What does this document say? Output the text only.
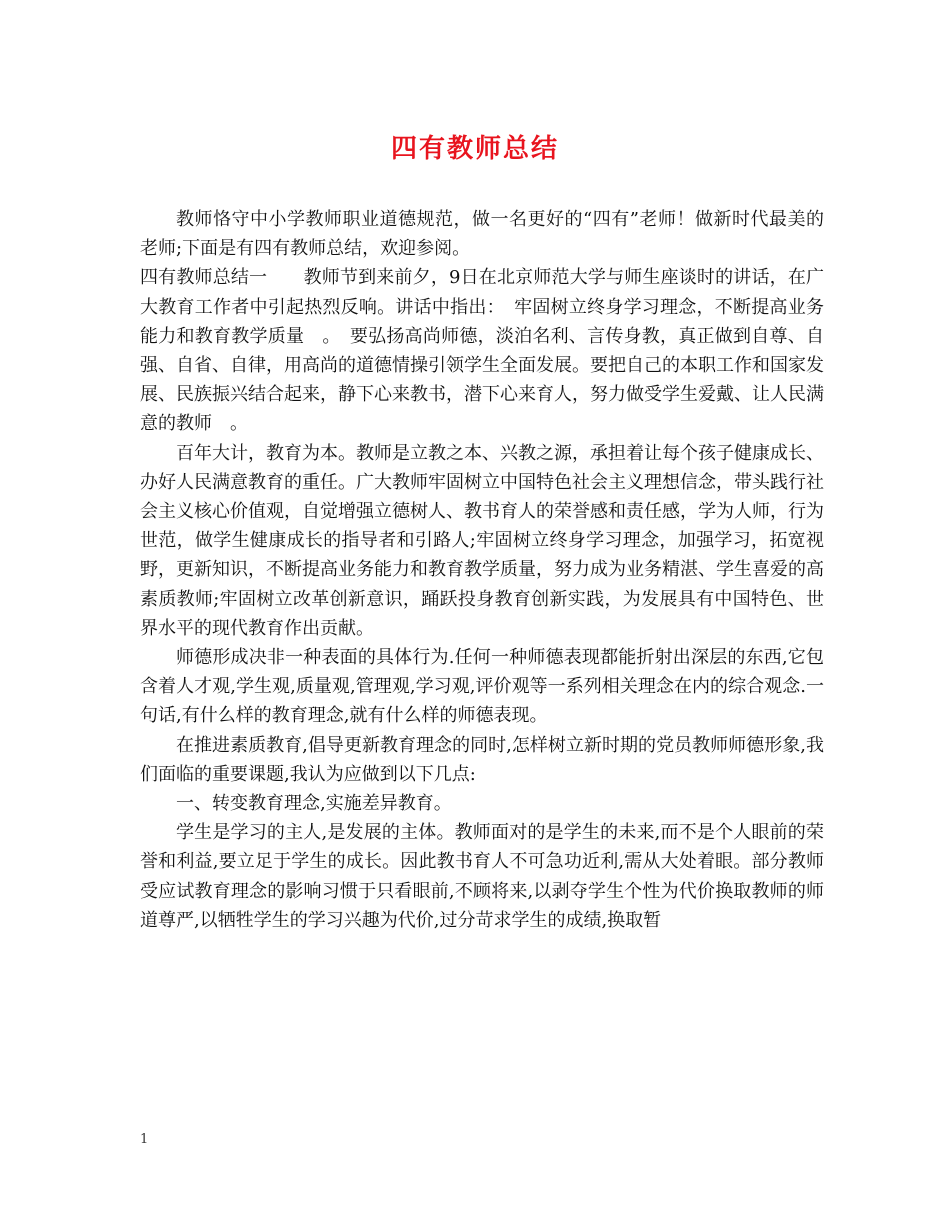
四有教师总结

教师恪守中小学教师职业道德规范，做一名更好的“四有”老师！做新时代最美的老师;下面是有四有教师总结，欢迎参阅。

四有教师总结一　　教师节到来前夕，9日在北京师范大学与师生座谈时的讲话，在广大教育工作者中引起热烈反响。讲话中指出：　牢固树立终身学习理念，不断提高业务能力和教育教学质量　。　要弘扬高尚师德，淡泊名利、言传身教，真正做到自尊、自强、自省、自律，用高尚的道德情操引领学生全面发展。要把自己的本职工作和国家发展、民族振兴结合起来，静下心来教书，潜下心来育人，努力做受学生爱戴、让人民满意的教师　。

百年大计，教育为本。教师是立教之本、兴教之源，承担着让每个孩子健康成长、办好人民满意教育的重任。广大教师牢固树立中国特色社会主义理想信念，带头践行社会主义核心价值观，自觉增强立德树人、教书育人的荣誉感和责任感，学为人师，行为世范，做学生健康成长的指导者和引路人;牢固树立终身学习理念，加强学习，拓宽视野，更新知识，不断提高业务能力和教育教学质量，努力成为业务精湛、学生喜爱的高素质教师;牢固树立改革创新意识，踊跃投身教育创新实践，为发展具有中国特色、世界水平的现代教育作出贡献。

师德形成决非一种表面的具体行为.任何一种师德表现都能折射出深层的东西,它包含着人才观,学生观,质量观,管理观,学习观,评价观等一系列相关理念在内的综合观念.一句话,有什么样的教育理念,就有什么样的师德表现。

在推进素质教育,倡导更新教育理念的同时,怎样树立新时期的党员教师师德形象,我们面临的重要课题,我认为应做到以下几点:

一、转变教育理念,实施差异教育。

学生是学习的主人,是发展的主体。教师面对的是学生的未来,而不是个人眼前的荣誉和利益,要立足于学生的成长。因此教书育人不可急功近利,需从大处着眼。部分教师受应试教育理念的影响习惯于只看眼前,不顾将来,以剥夺学生个性为代价换取教师的师道尊严,以牺牲学生的学习兴趣为代价,过分苛求学生的成绩,换取暂

1
